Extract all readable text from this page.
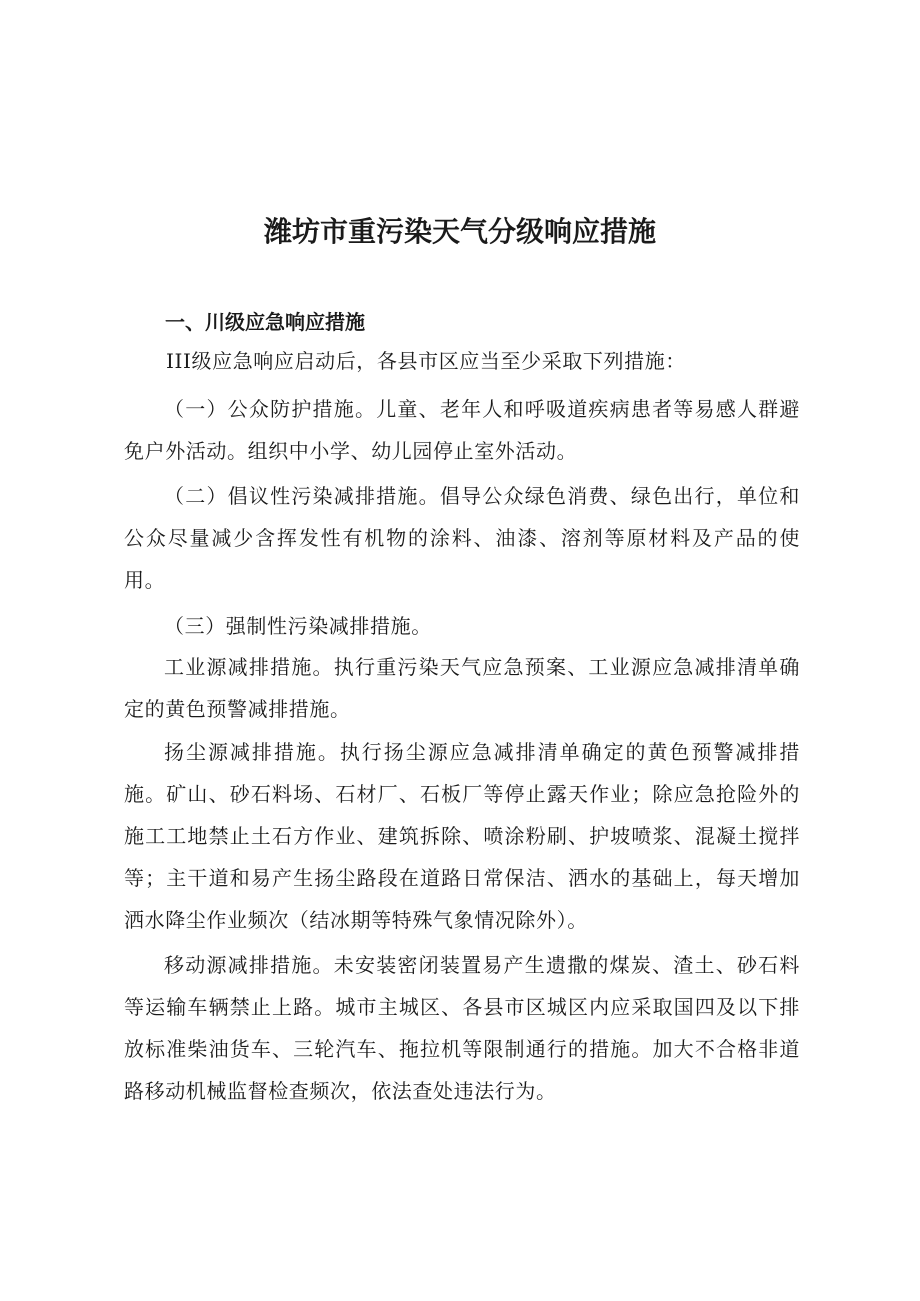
潍坊市重污染天气分级响应措施
一、川级应急响应措施
III级应急响应启动后，各县市区应当至少采取下列措施：
（一）公众防护措施。儿童、老年人和呼吸道疾病患者等易感人群避免户外活动。组织中小学、幼儿园停止室外活动。
（二）倡议性污染减排措施。倡导公众绿色消费、绿色出行，单位和公众尽量减少含挥发性有机物的涂料、油漆、溶剂等原材料及产品的使用。
（三）强制性污染减排措施。
工业源减排措施。执行重污染天气应急预案、工业源应急减排清单确定的黄色预警减排措施。
扬尘源减排措施。执行扬尘源应急减排清单确定的黄色预警减排措施。矿山、砂石料场、石材厂、石板厂等停止露天作业；除应急抢险外的施工工地禁止土石方作业、建筑拆除、喷涂粉刷、护坡喷浆、混凝土搅拌等；主干道和易产生扬尘路段在道路日常保洁、洒水的基础上，每天增加洒水降尘作业频次（结冰期等特殊气象情况除外）。
移动源减排措施。未安装密闭装置易产生遗撒的煤炭、渣土、砂石料等运输车辆禁止上路。城市主城区、各县市区城区内应采取国四及以下排放标准柴油货车、三轮汽车、拖拉机等限制通行的措施。加大不合格非道路移动机械监督检查频次，依法查处违法行为。
